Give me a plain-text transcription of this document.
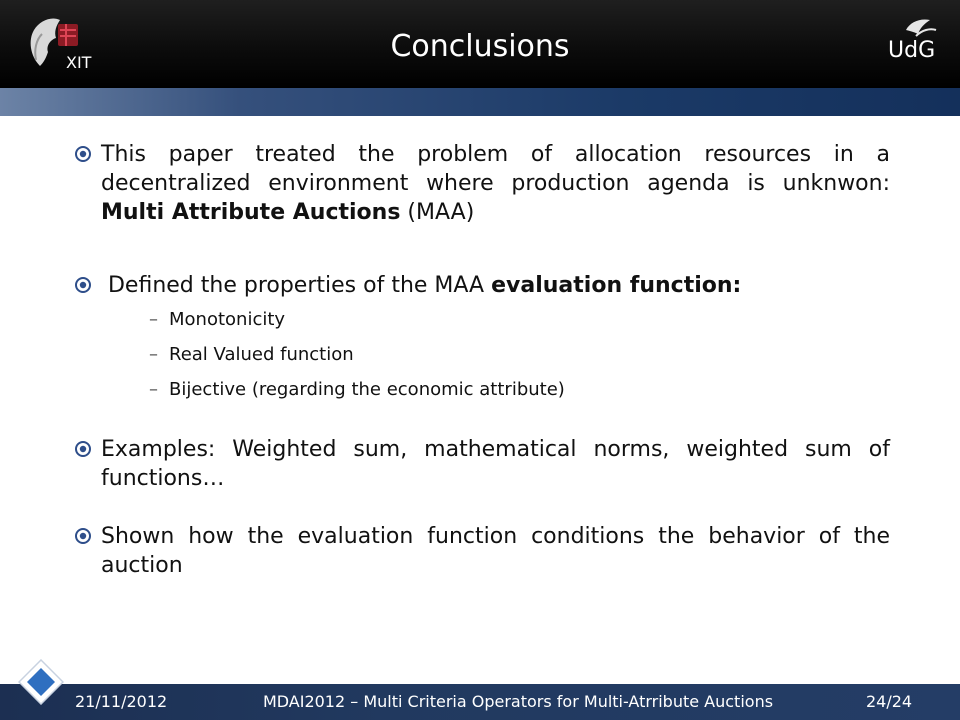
XIT	Conclusions	UdG
This paper treated the problem of allocation resources in a decentralized environment where production agenda is unknwon: Multi Attribute Auctions (MAA)
Defined the properties of the MAA evaluation function:
– Monotonicity
– Real Valued function
– Bijective (regarding the economic attribute)
Examples: Weighted sum, mathematical norms, weighted sum of functions…
Shown how the evaluation function conditions the behavior of the auction

21/11/2012	MDAI2012 – Multi Criteria Operators for Multi-Atrribute Auctions	24/24
